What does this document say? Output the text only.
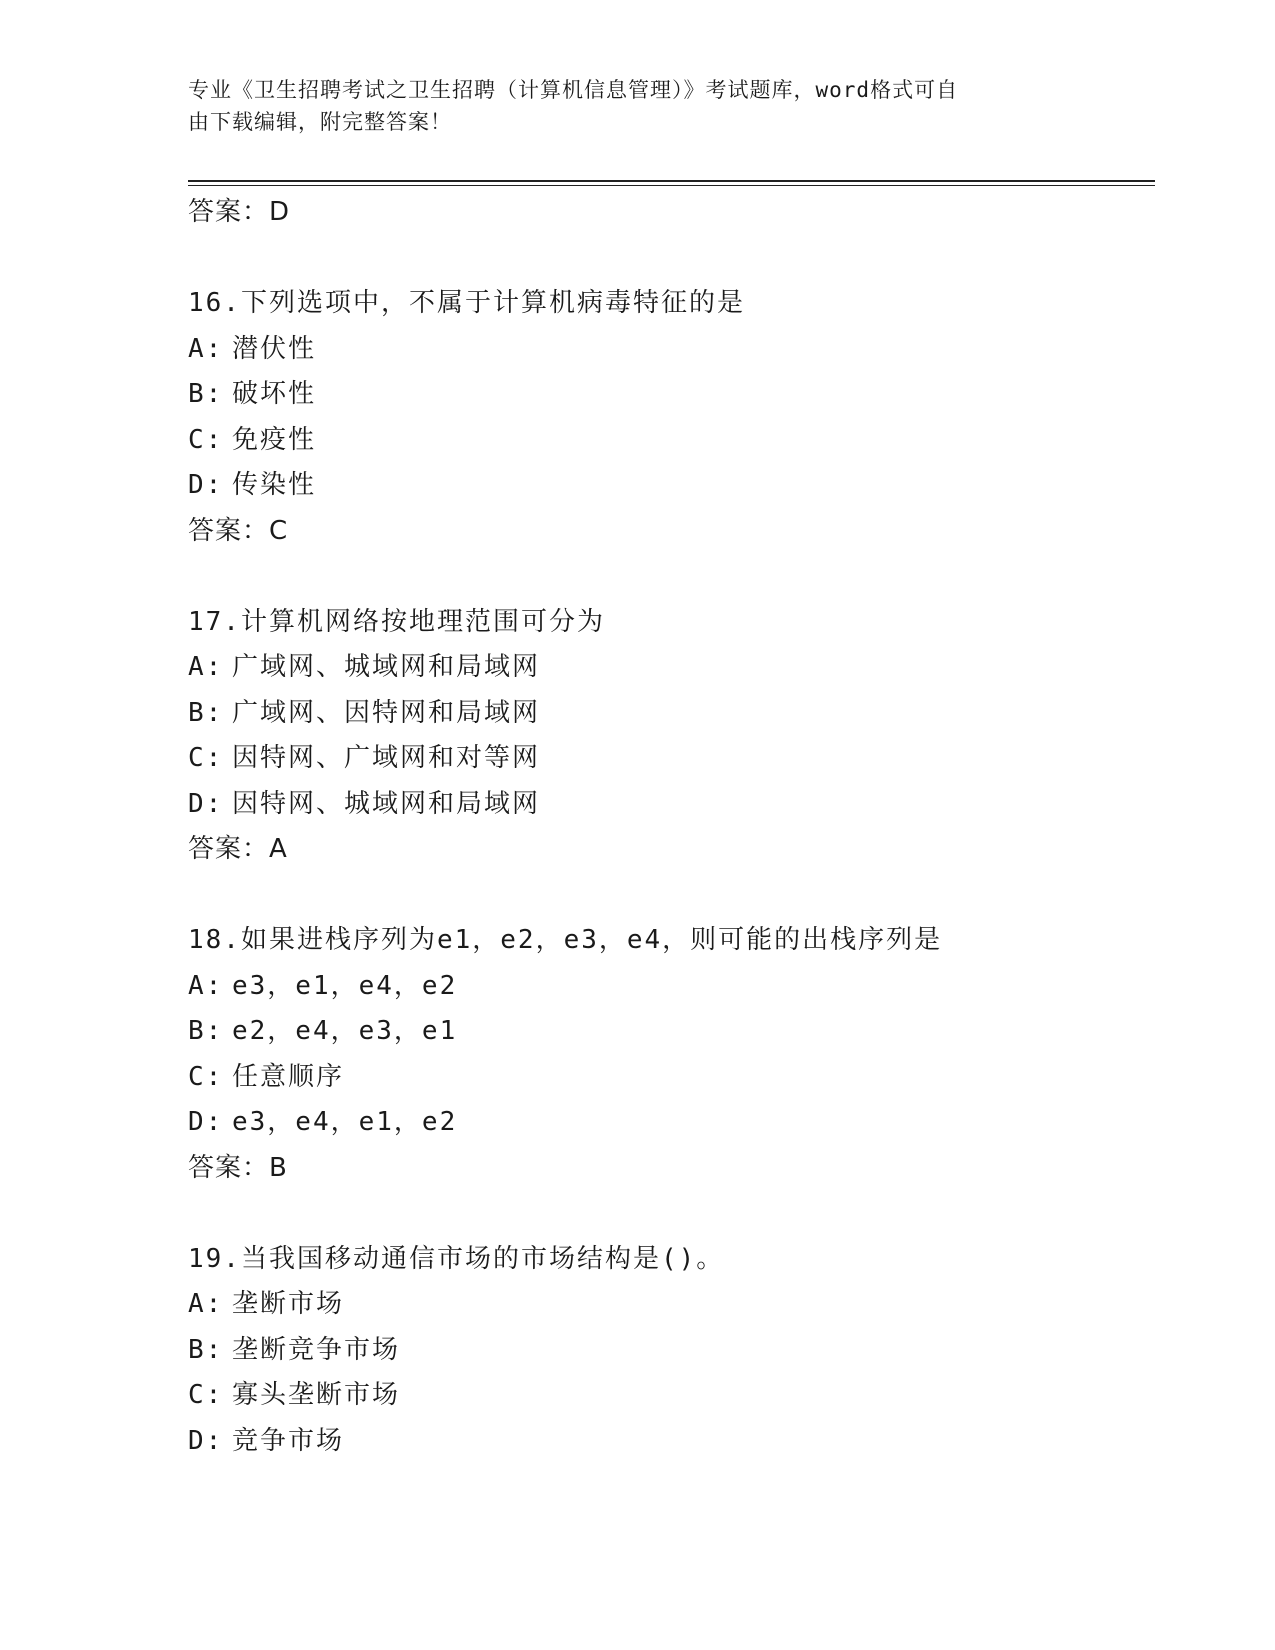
专业《卫生招聘考试之卫生招聘（计算机信息管理）》考试题库，word格式可自
由下载编辑，附完整答案！
答案：D
16.下列选项中，不属于计算机病毒特征的是
A: 潜伏性
B: 破坏性
C: 免疫性
D: 传染性
答案：C
17.计算机网络按地理范围可分为
A: 广域网、城域网和局域网
B: 广域网、因特网和局域网
C: 因特网、广域网和对等网
D: 因特网、城域网和局域网
答案：A
18.如果进栈序列为e1，e2，e3，e4，则可能的出栈序列是
A: e3，e1，e4，e2
B: e2，e4，e3，e1
C: 任意顺序
D: e3，e4，e1，e2
答案：B
19.当我国移动通信市场的市场结构是()。
A: 垄断市场
B: 垄断竞争市场
C: 寡头垄断市场
D: 竞争市场
